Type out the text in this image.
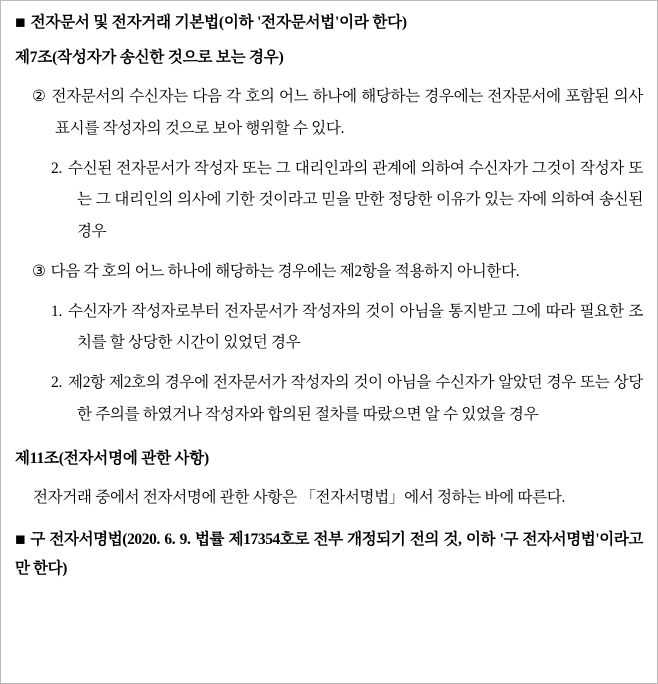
◼ 전자문서 및 전자거래 기본법(이하 '전자문서법'이라 한다)

제7조(작성자가 송신한 것으로 보는 경우)

② 전자문서의 수신자는 다음 각 호의 어느 하나에 해당하는 경우에는 전자문서에 포함된 의사표시를 작성자의 것으로 보아 행위할 수 있다.

2. 수신된 전자문서가 작성자 또는 그 대리인과의 관계에 의하여 수신자가 그것이 작성자 또는 그 대리인의 의사에 기한 것이라고 믿을 만한 정당한 이유가 있는 자에 의하여 송신된 경우

③ 다음 각 호의 어느 하나에 해당하는 경우에는 제2항을 적용하지 아니한다.

1. 수신자가 작성자로부터 전자문서가 작성자의 것이 아님을 통지받고 그에 따라 필요한 조치를 할 상당한 시간이 있었던 경우

2. 제2항 제2호의 경우에 전자문서가 작성자의 것이 아님을 수신자가 알았던 경우 또는 상당한 주의를 하였거나 작성자와 합의된 절차를 따랐으면 알 수 있었을 경우

제11조(전자서명에 관한 사항)

전자거래 중에서 전자서명에 관한 사항은 「전자서명법」에서 정하는 바에 따른다.

◼ 구 전자서명법(2020. 6. 9. 법률 제17354호로 전부 개정되기 전의 것, 이하 '구 전자서명법'이라고만 한다)
